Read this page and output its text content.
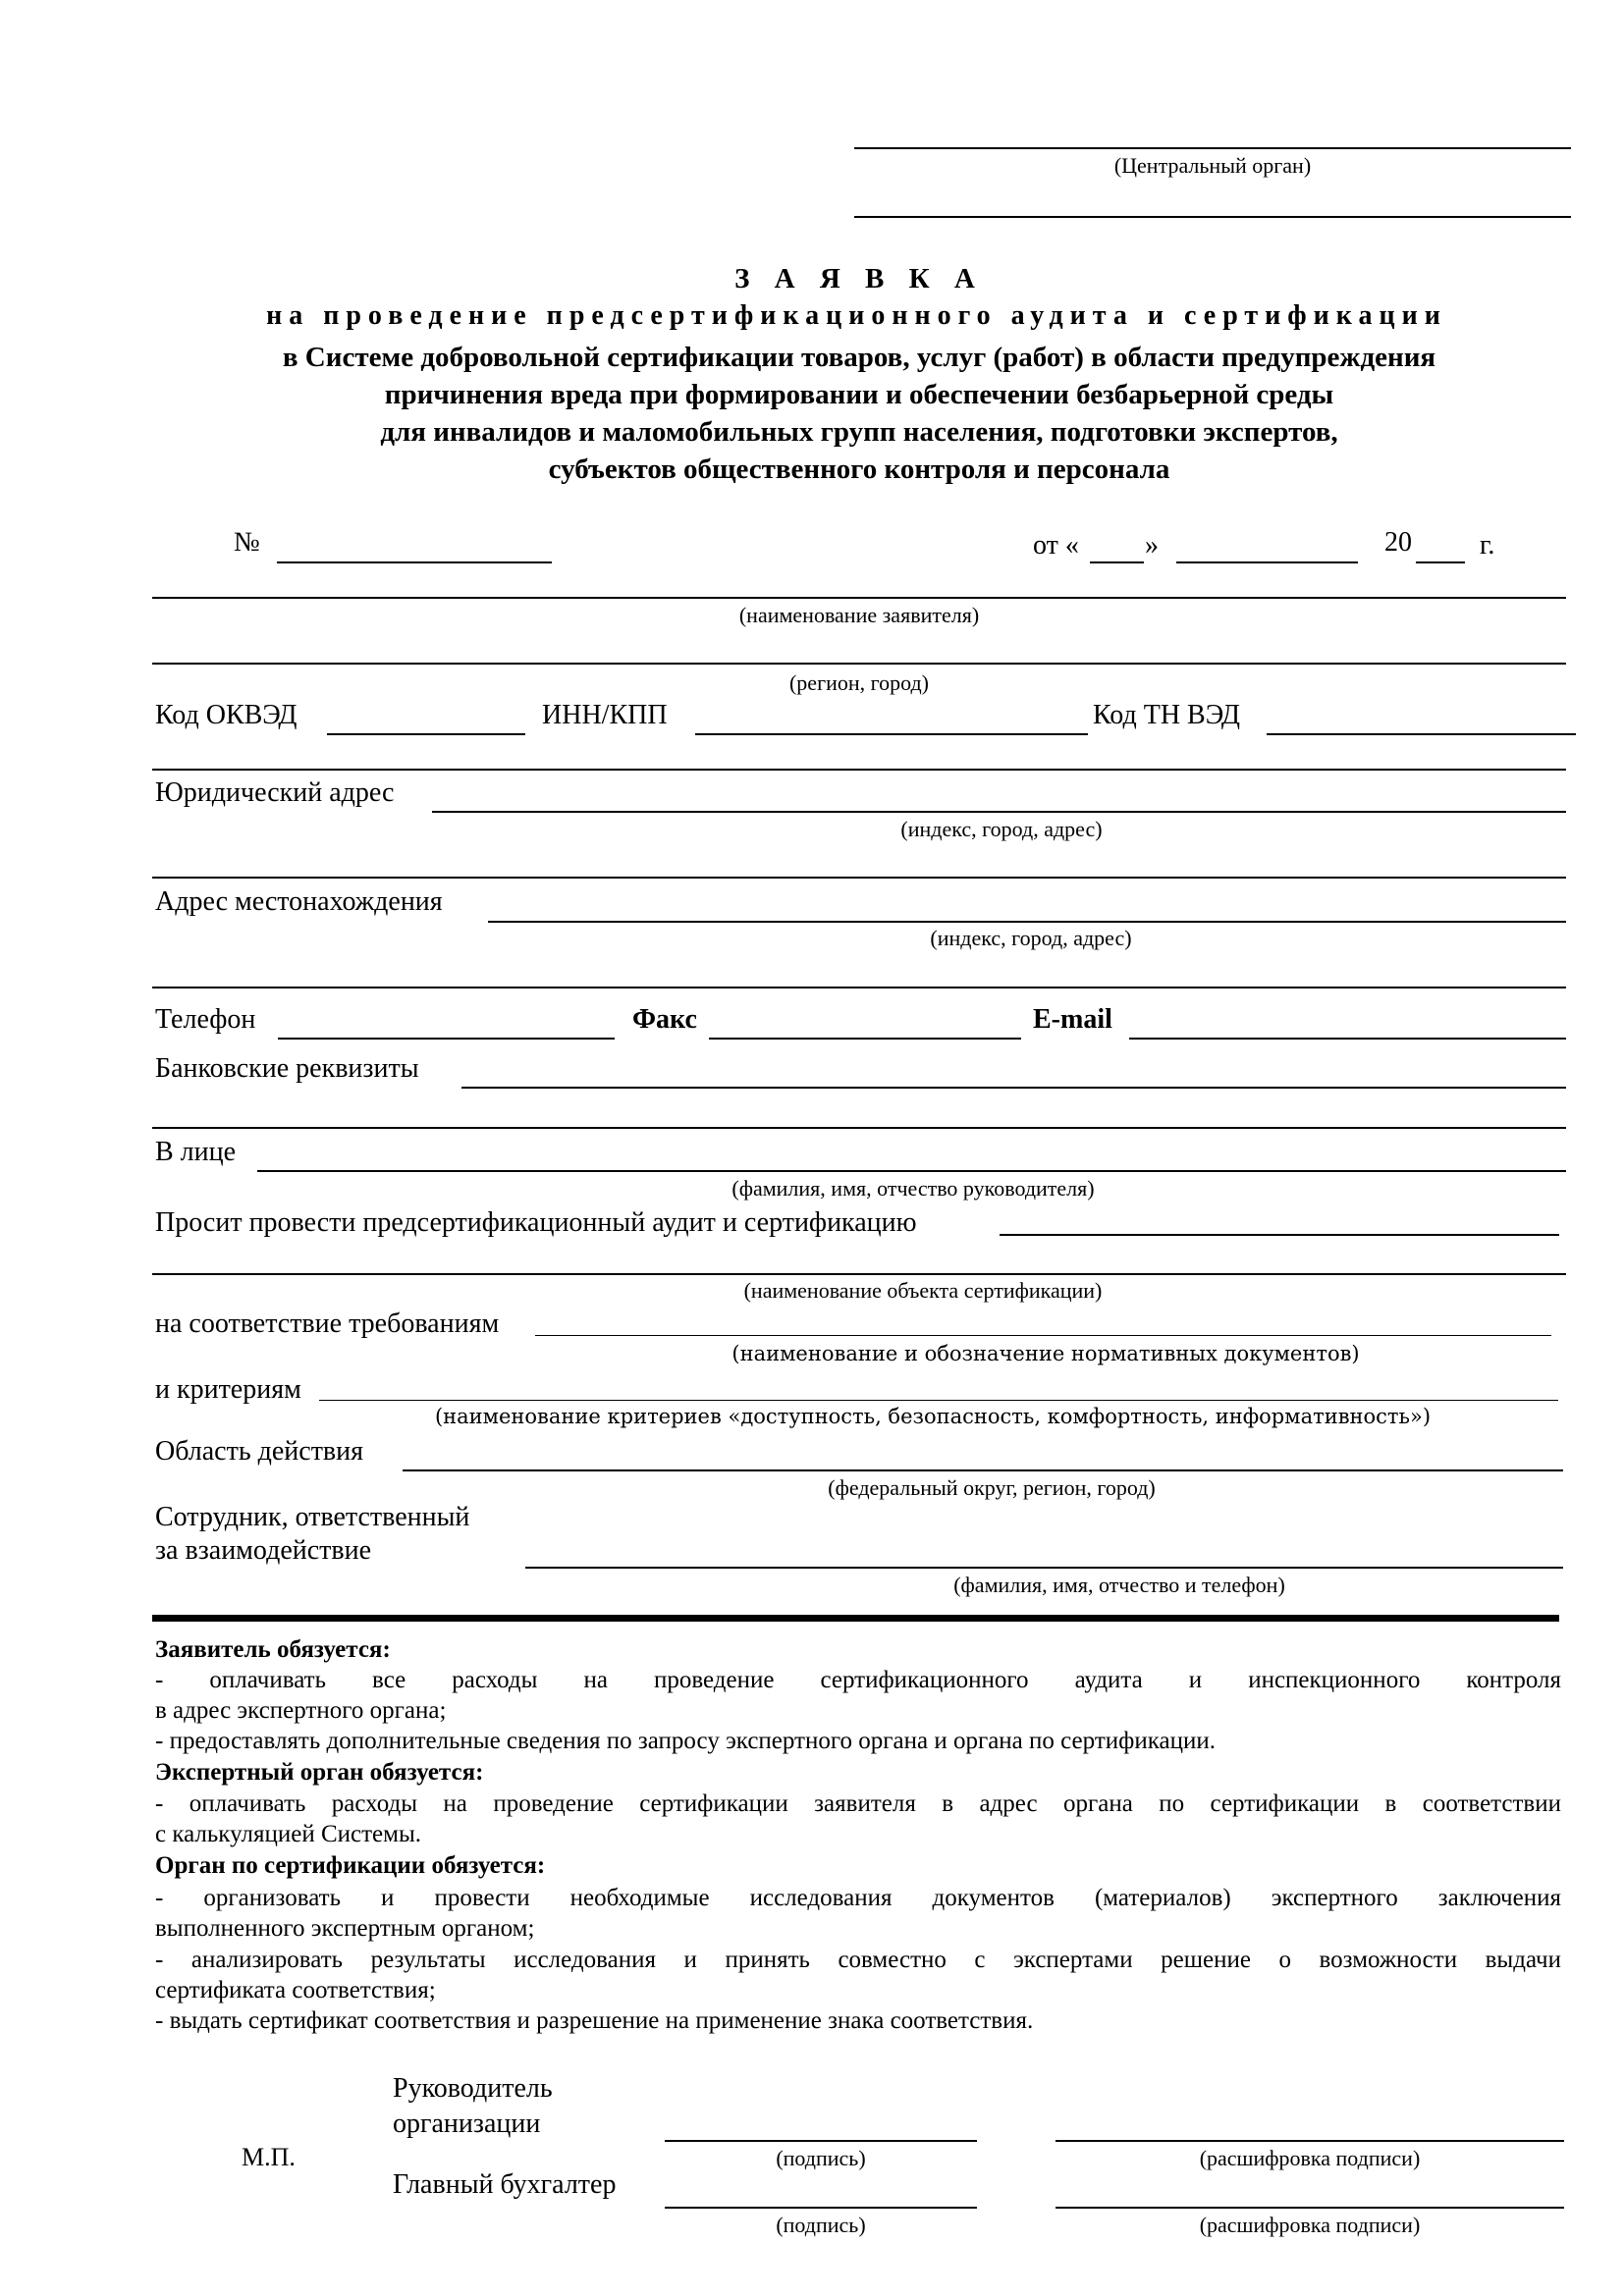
(Центральный орган)
З А Я В К А
на проведение предсертификационного аудита и сертификации
в Системе добровольной сертификации товаров, услуг (работ) в области предупреждения
причинения вреда при формировании и обеспечении безбарьерной среды
для инвалидов и маломобильных групп населения, подготовки экспертов,
субъектов общественного контроля и персонала
№	от « »	20 г.
(наименование заявителя)
(регион, город)
Код ОКВЭД	ИНН/КПП	Код ТН ВЭД
Юридический адрес
(индекс, город, адрес)
Адрес местонахождения
(индекс, город, адрес)
Телефон	Факс	E-mail
Банковские реквизиты
В лице
(фамилия, имя, отчество руководителя)
Просит провести предсертификационный аудит и сертификацию
(наименование объекта сертификации)
на соответствие требованиям
(наименование и обозначение нормативных документов)
и критериям
(наименование критериев «доступность, безопасность, комфортность, информативность»)
Область действия
(федеральный округ, регион, город)
Сотрудник, ответственный
за взаимодействие
(фамилия, имя, отчество и телефон)
Заявитель обязуется:
- оплачивать все расходы на проведение сертификационного аудита и инспекционного контроля
в адрес экспертного органа;
- предоставлять дополнительные сведения по запросу экспертного органа и органа по сертификации.
Экспертный орган обязуется:
- оплачивать расходы на проведение сертификации заявителя в адрес органа по сертификации в соответствии
с калькуляцией Системы.
Орган по сертификации обязуется:
- организовать и провести необходимые исследования документов (материалов) экспертного заключения
выполненного экспертным органом;
- анализировать результаты исследования и принять совместно с экспертами решение о возможности выдачи
сертификата соответствия;
- выдать сертификат соответствия и разрешение на применение знака соответствия.
Руководитель
организации
(подпись)	(расшифровка подписи)
М.П.
Главный бухгалтер
(подпись)	(расшифровка подписи)
